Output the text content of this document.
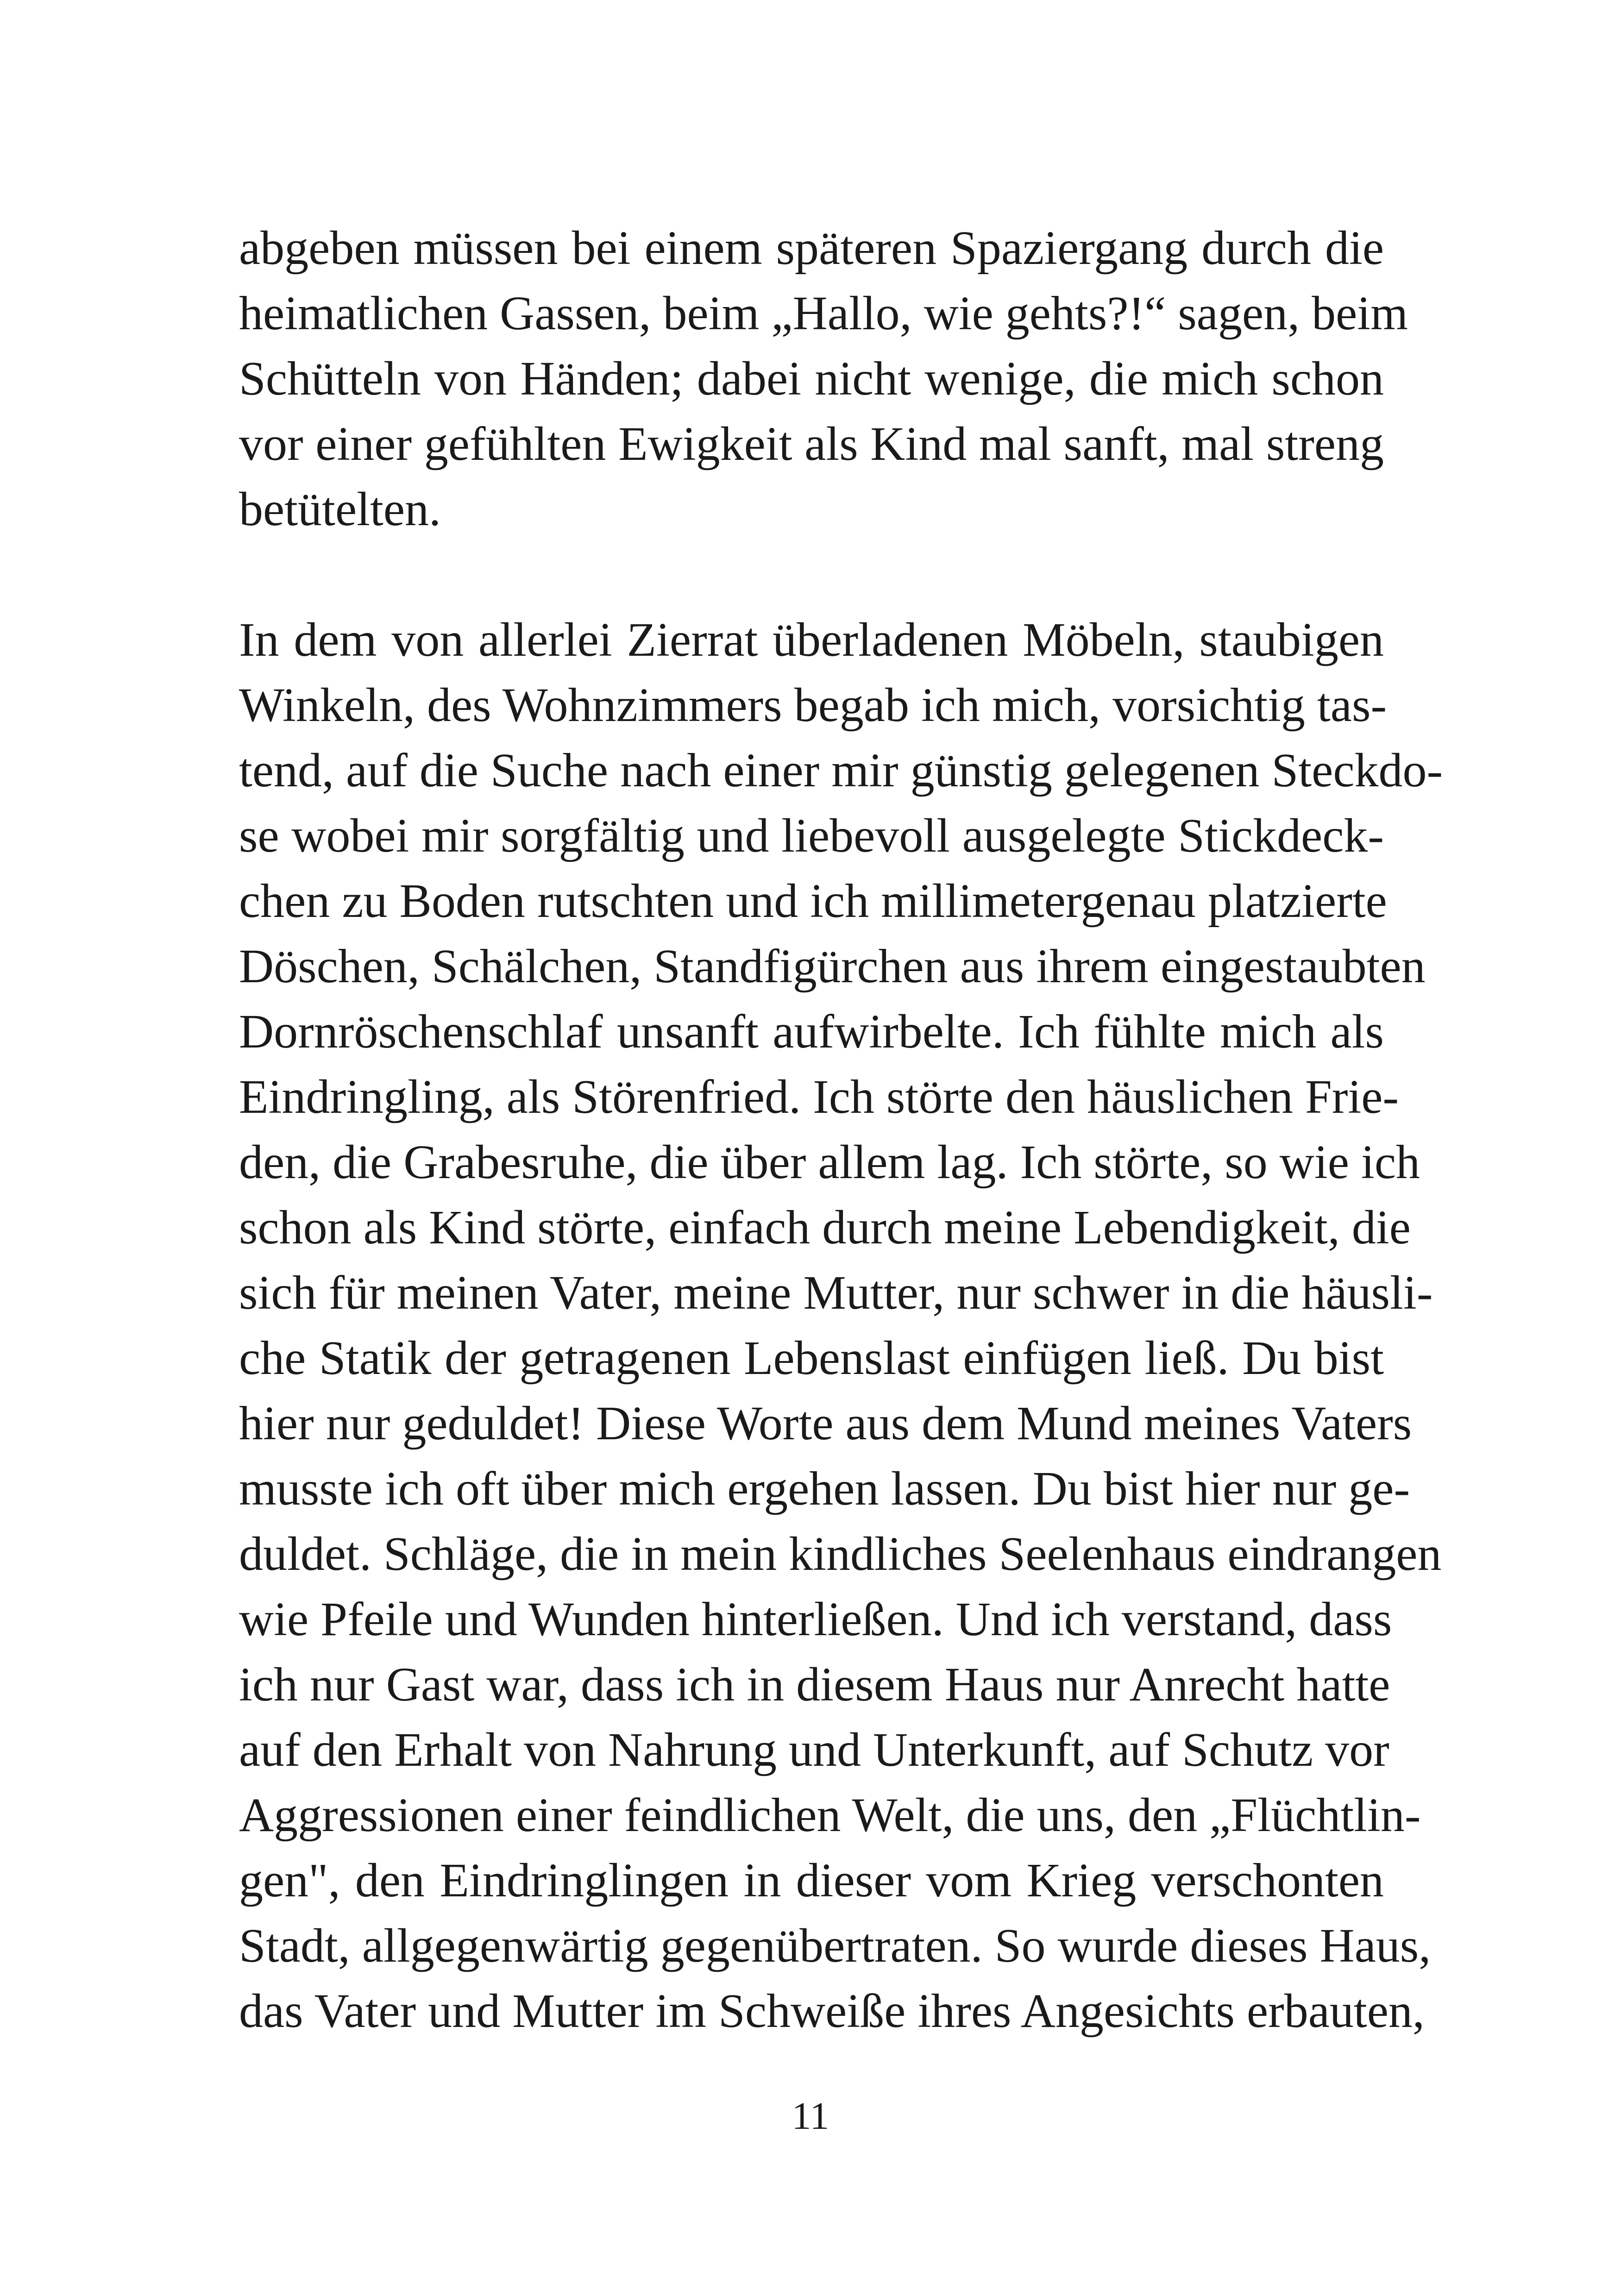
abgeben müssen bei einem späteren Spaziergang durch die
heimatlichen Gassen, beim „Hallo, wie gehts?!“ sagen, beim
Schütteln von Händen; dabei nicht wenige, die mich schon
vor einer gefühlten Ewigkeit als Kind mal sanft, mal streng
betütelten.
In dem von allerlei Zierrat überladenen Möbeln, staubigen
Winkeln, des Wohnzimmers begab ich mich, vorsichtig tas-
tend, auf die Suche nach einer mir günstig gelegenen Steckdo-
se wobei mir sorgfältig und liebevoll ausgelegte Stickdeck-
chen zu Boden rutschten und ich millimetergenau platzierte
Döschen, Schälchen, Standfigürchen aus ihrem eingestaubten
Dornröschenschlaf unsanft aufwirbelte. Ich fühlte mich als
Eindringling, als Störenfried. Ich störte den häuslichen Frie-
den, die Grabesruhe, die über allem lag. Ich störte, so wie ich
schon als Kind störte, einfach durch meine Lebendigkeit, die
sich für meinen Vater, meine Mutter, nur schwer in die häusli-
che Statik der getragenen Lebenslast einfügen ließ. Du bist
hier nur geduldet! Diese Worte aus dem Mund meines Vaters
musste ich oft über mich ergehen lassen. Du bist hier nur ge-
duldet. Schläge, die in mein kindliches Seelenhaus eindrangen
wie Pfeile und Wunden hinterließen. Und ich verstand, dass
ich nur Gast war, dass ich in diesem Haus nur Anrecht hatte
auf den Erhalt von Nahrung und Unterkunft, auf Schutz vor
Aggressionen einer feindlichen Welt, die uns, den „Flüchtlin-
gen", den Eindringlingen in dieser vom Krieg verschonten
Stadt, allgegenwärtig gegenübertraten. So wurde dieses Haus,
das Vater und Mutter im Schweiße ihres Angesichts erbauten,
11
